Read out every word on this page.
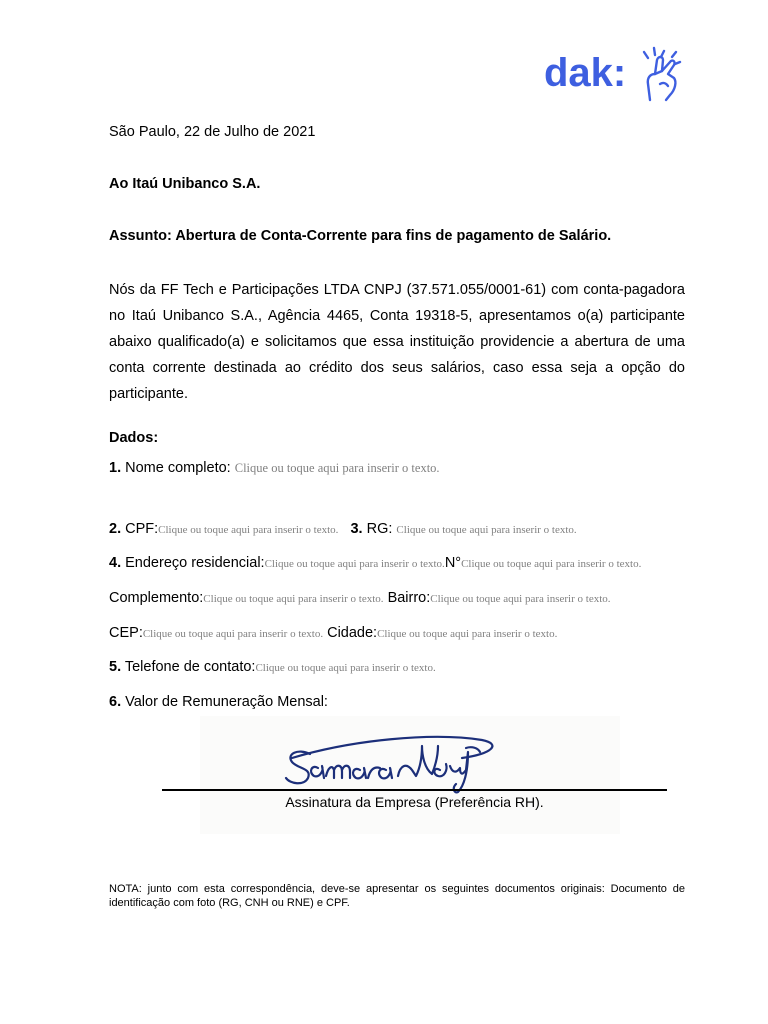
dak:
São Paulo, 22 de Julho de 2021
Ao Itaú Unibanco S.A.
Assunto: Abertura de Conta-Corrente para fins de pagamento de Salário.
Nós da FF Tech e Participações LTDA CNPJ (37.571.055/0001-61) com conta-pagadora no Itaú Unibanco S.A., Agência 4465, Conta 19318-5, apresentamos o(a) participante abaixo qualificado(a) e solicitamos que essa instituição providencie a abertura de uma conta corrente destinada ao crédito dos seus salários, caso essa seja a opção do participante.
Dados:
1. Nome completo: Clique ou toque aqui para inserir o texto.
2. CPF:Clique ou toque aqui para inserir o texto. 3. RG: Clique ou toque aqui para inserir o texto.
4. Endereço residencial:Clique ou toque aqui para inserir o texto.N°Clique ou toque aqui para inserir o texto.
Complemento:Clique ou toque aqui para inserir o texto. Bairro:Clique ou toque aqui para inserir o texto.
CEP:Clique ou toque aqui para inserir o texto. Cidade:Clique ou toque aqui para inserir o texto.
5. Telefone de contato:Clique ou toque aqui para inserir o texto.
6. Valor de Remuneração Mensal:
Assinatura da Empresa (Preferência RH).
NOTA: junto com esta correspondência, deve-se apresentar os seguintes documentos originais: Documento de identificação com foto (RG, CNH ou RNE) e CPF.
